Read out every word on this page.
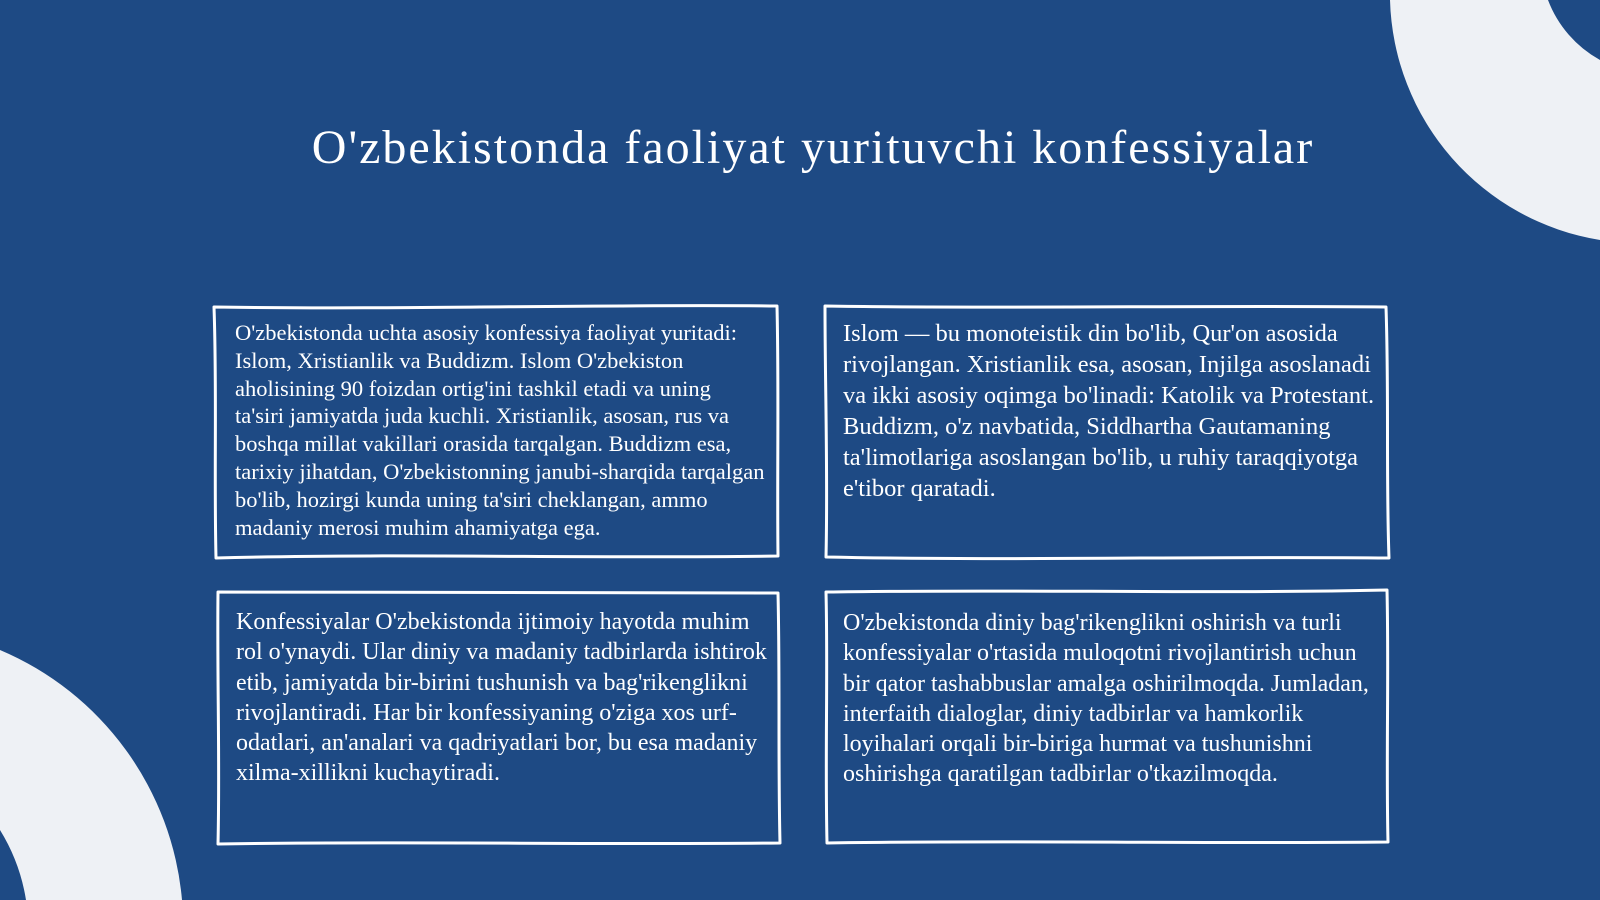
O'zbekistonda faoliyat yurituvchi konfessiyalar

O'zbekistonda uchta asosiy konfessiya faoliyat yuritadi: Islom, Xristianlik va Buddizm. Islom O'zbekiston aholisining 90 foizdan ortig'ini tashkil etadi va uning ta'siri jamiyatda juda kuchli. Xristianlik, asosan, rus va boshqa millat vakillari orasida tarqalgan. Buddizm esa, tarixiy jihatdan, O'zbekistonning janubi-sharqida tarqalgan bo'lib, hozirgi kunda uning ta'siri cheklangan, ammo madaniy merosi muhim ahamiyatga ega.

Islom — bu monoteistik din bo'lib, Qur'on asosida rivojlangan. Xristianlik esa, asosan, Injilga asoslanadi va ikki asosiy oqimga bo'linadi: Katolik va Protestant. Buddizm, o'z navbatida, Siddhartha Gautamaning ta'limotlariga asoslangan bo'lib, u ruhiy taraqqiyotga e'tibor qaratadi.

Konfessiyalar O'zbekistonda ijtimoiy hayotda muhim rol o'ynaydi. Ular diniy va madaniy tadbirlarda ishtirok etib, jamiyatda bir-birini tushunish va bag'rikenglikni rivojlantiradi. Har bir konfessiyaning o'ziga xos urf-odatlari, an'analari va qadriyatlari bor, bu esa madaniy xilma-xillikni kuchaytiradi.

O'zbekistonda diniy bag'rikenglikni oshirish va turli konfessiyalar o'rtasida muloqotni rivojlantirish uchun bir qator tashabbuslar amalga oshirilmoqda. Jumladan, interfaith dialoglar, diniy tadbirlar va hamkorlik loyihalari orqali bir-biriga hurmat va tushunishni oshirishga qaratilgan tadbirlar o'tkazilmoqda.
